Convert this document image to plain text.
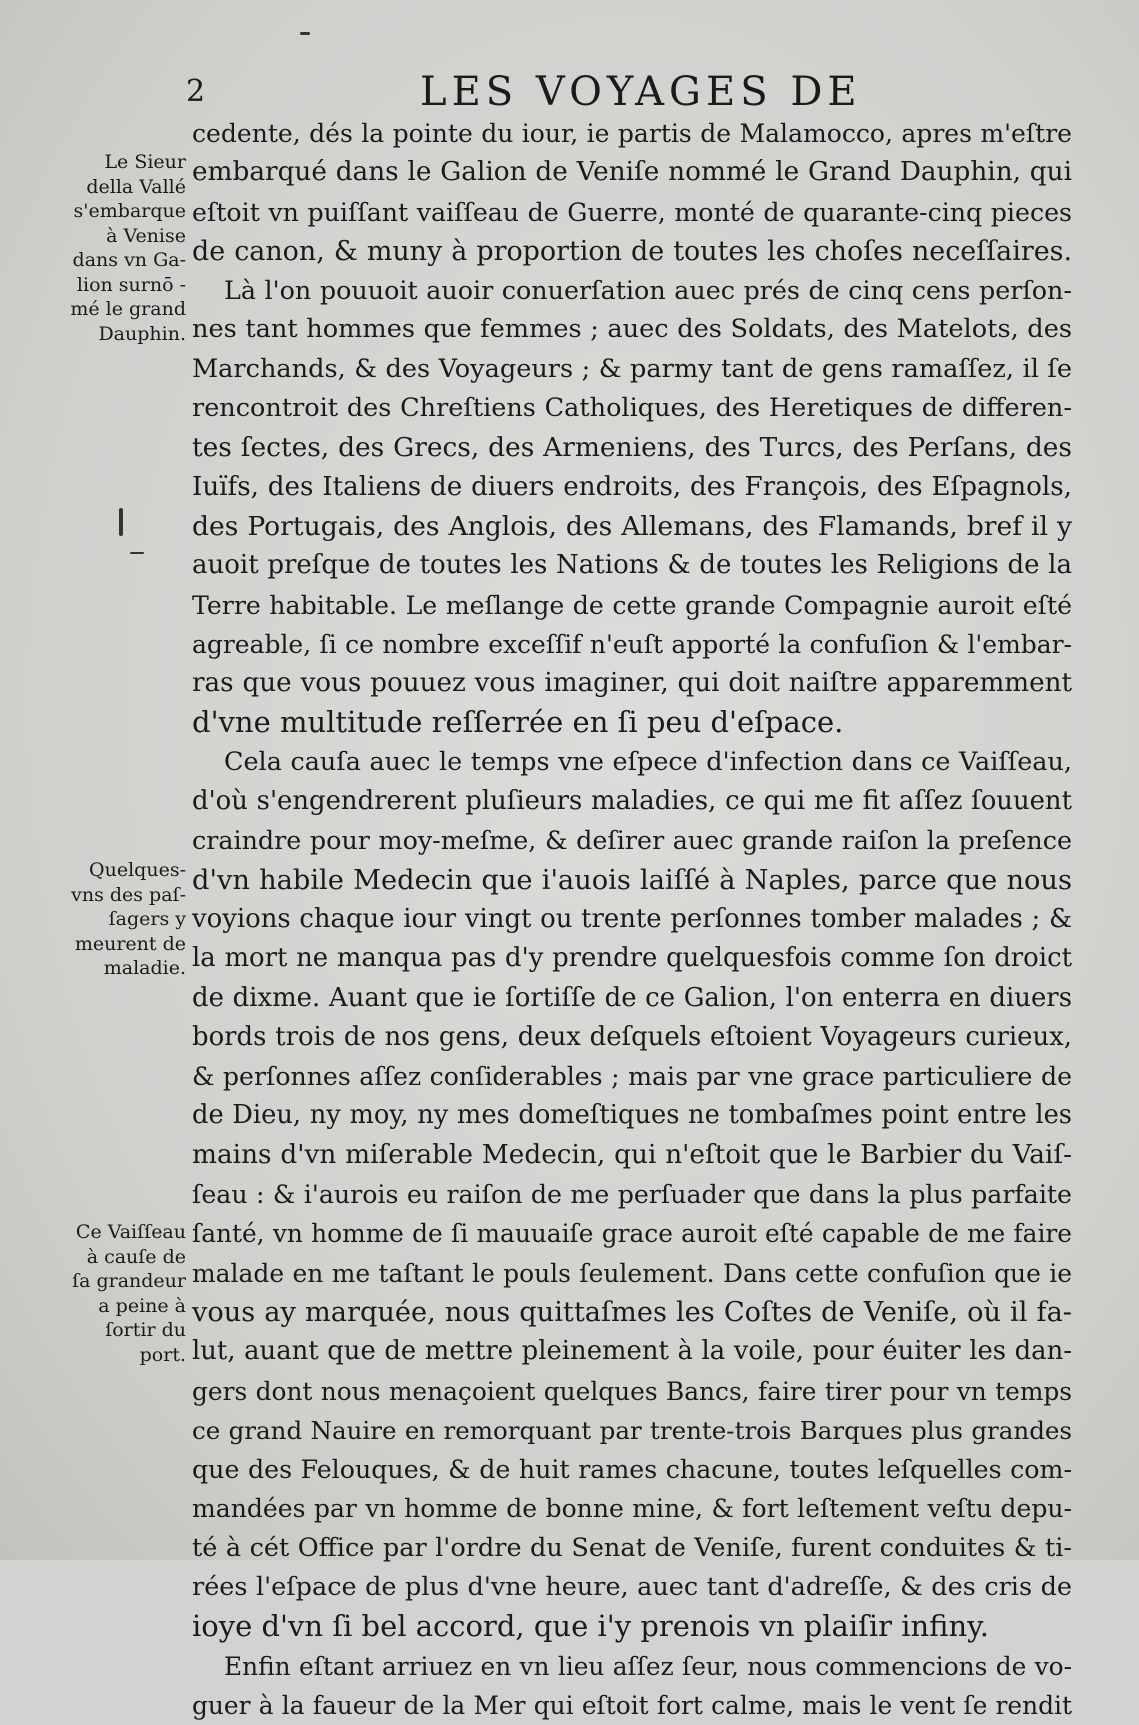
2	LES VOYAGES DE
Le Sieur
della Vallé
s'embarque
à Venise
dans vn Ga-
lion surnō -
mé le grand
Dauphin.
Quelques-
vns des paſ-
ſagers y
meurent de
maladie.
Ce Vaiſſeau
à cauſe de
ſa grandeur
a peine à
ſortir du
port.
cedente, dés la pointe du iour, ie partis de Malamocco, apres m'eſtre
embarqué dans le Galion de Veniſe nommé le Grand Dauphin, qui
eſtoit vn puiſſant vaiſſeau de Guerre, monté de quarante-cinq pieces
de canon, & muny à proportion de toutes les choſes neceſſaires.
Là l'on pouuoit auoir conuerſation auec prés de cinq cens perſon-
nes tant hommes que femmes ; auec des Soldats, des Matelots, des
Marchands, & des Voyageurs ; & parmy tant de gens ramaſſez, il ſe
rencontroit des Chreſtiens Catholiques, des Heretiques de differen-
tes ſectes, des Grecs, des Armeniens, des Turcs, des Perſans, des
Iuïfs, des Italiens de diuers endroits, des François, des Eſpagnols,
des Portugais, des Anglois, des Allemans, des Flamands, bref il y
auoit preſque de toutes les Nations & de toutes les Religions de la
Terre habitable. Le meſlange de cette grande Compagnie auroit eſté
agreable, ſi ce nombre exceſſif n'euſt apporté la confuſion & l'embar-
ras que vous pouuez vous imaginer, qui doit naiſtre apparemment
d'vne multitude reſſerrée en ſi peu d'eſpace.
Cela cauſa auec le temps vne eſpece d'infection dans ce Vaiſſeau,
d'où s'engendrerent pluſieurs maladies, ce qui me fit aſſez ſouuent
craindre pour moy-meſme, & deſirer auec grande raiſon la preſence
d'vn habile Medecin que i'auois laiſſé à Naples, parce que nous
voyions chaque iour vingt ou trente perſonnes tomber malades ; &
la mort ne manqua pas d'y prendre quelquesfois comme ſon droict
de dixme. Auant que ie ſortiſſe de ce Galion, l'on enterra en diuers
bords trois de nos gens, deux deſquels eſtoient Voyageurs curieux,
& perſonnes aſſez conſiderables ; mais par vne grace particuliere de
de Dieu, ny moy, ny mes domeſtiques ne tombaſmes point entre les
mains d'vn miſerable Medecin, qui n'eſtoit que le Barbier du Vaiſ-
ſeau : & i'aurois eu raiſon de me perſuader que dans la plus parfaite
ſanté, vn homme de ſi mauuaiſe grace auroit eſté capable de me faire
malade en me taſtant le pouls ſeulement. Dans cette confuſion que ie
vous ay marquée, nous quittaſmes les Coſtes de Veniſe, où il fa-
lut, auant que de mettre pleinement à la voile, pour éuiter les dan-
gers dont nous menaçoient quelques Bancs, faire tirer pour vn temps
ce grand Nauire en remorquant par trente-trois Barques plus grandes
que des Felouques, & de huit rames chacune, toutes leſquelles com-
mandées par vn homme de bonne mine, & fort leſtement veſtu depu-
té à cét Office par l'ordre du Senat de Veniſe, furent conduites & ti-
rées l'eſpace de plus d'vne heure, auec tant d'adreſſe, & des cris de
ioye d'vn ſi bel accord, que i'y prenois vn plaiſir infiny.
Enfin eſtant arriuez en vn lieu aſſez ſeur, nous commencions de vo-
guer à la faueur de la Mer qui eſtoit fort calme, mais le vent ſe rendit
